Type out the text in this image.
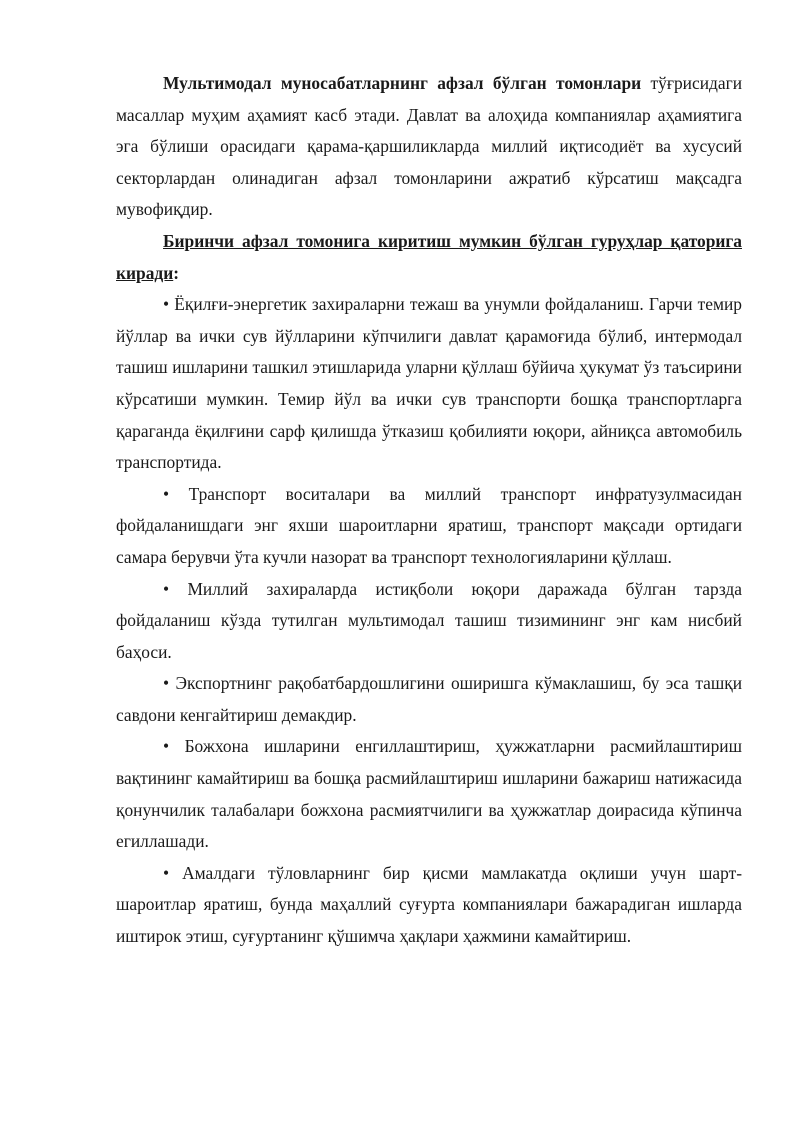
Мультимодал муносабатларнинг афзал бўлган томонлари тўғрисидаги масаллар муҳим аҳамият касб этади. Давлат ва алоҳида компаниялар аҳамиятига эга бўлиши орасидаги қарама-қаршиликларда миллий иқтисодиёт ва хусусий секторлардан олинадиган афзал томонларини ажратиб кўрсатиш мақсадга мувофиқдир.

Биринчи афзал томонига киритиш мумкин бўлган гуруҳлар қаторига киради:

• Ёқилғи-энергетик захираларни тежаш ва унумли фойдаланиш. Гарчи темир йўллар ва ички сув йўлларини кўпчилиги давлат қарамоғида бўлиб, интермодал ташиш ишларини ташкил этишларида уларни қўллаш бўйича ҳукумат ўз таъсирини кўрсатиши мумкин. Темир йўл ва ички сув транспорти бошқа транспортларга қараганда ёқилғини сарф қилишда ўтказиш қобилияти юқори, айниқса автомобиль транспортида.

• Транспорт воситалари ва миллий транспорт инфратузулмасидан фойдаланишдаги энг яхши шароитларни яратиш, транспорт мақсади ортидаги самара берувчи ўта кучли назорат ва транспорт технологияларини қўллаш.

• Миллий захираларда истиқболи юқори даражада бўлган тарзда фойдаланиш кўзда тутилган мультимодал ташиш тизимининг энг кам нисбий баҳоси.

• Экспортнинг рақобатбардошлигини оширишга кўмаклашиш, бу эса ташқи савдони кенгайтириш демакдир.

• Божхона ишларини енгиллаштириш, ҳужжатларни расмийлаштириш вақтининг камайтириш ва бошқа расмийлаштириш ишларини бажариш натижасида қонунчилик талабалари божхона расмиятчилиги ва ҳужжатлар доирасида кўпинча егиллашади.

• Амалдаги тўловларнинг бир қисми мамлакатда оқлиши учун шарт-шароитлар яратиш, бунда маҳаллий суғурта компаниялари бажарадиган ишларда иштирок этиш, суғуртанинг қўшимча ҳақлари ҳажмини камайтириш.
